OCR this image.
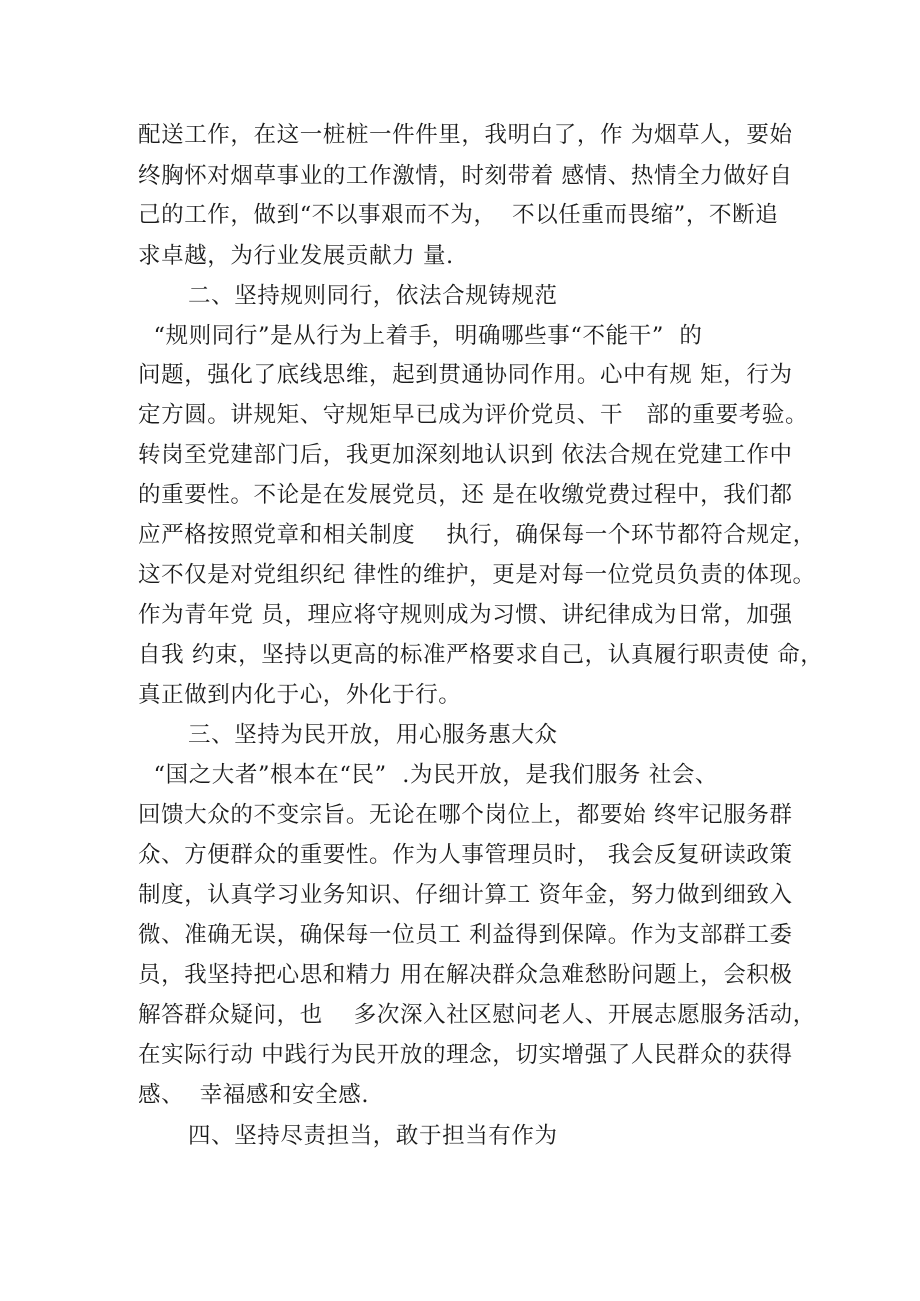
配送工作，在这一桩桩一件件里，我明白了，作 为烟草人，要始
终胸怀对烟草事业的工作激情，时刻带着 感情、热情全力做好自
己的工作，做到“不以事艰而不为，  不以任重而畏缩”，不断追
求卓越，为行业发展贡献力 量.
二、坚持规则同行，依法合规铸规范
“规则同行”是从行为上着手，明确哪些事“不能干”  的
问题，强化了底线思维，起到贯通协同作用。心中有规 矩，行为
定方圆。讲规矩、守规矩早已成为评价党员、干   部的重要考验。
转岗至党建部门后，我更加深刻地认识到 依法合规在党建工作中
的重要性。不论是在发展党员，还 是在收缴党费过程中，我们都
应严格按照党章和相关制度    执行，确保每一个环节都符合规定，
这不仅是对党组织纪 律性的维护，更是对每一位党员负责的体现。
作为青年党 员，理应将守规则成为习惯、讲纪律成为日常，加强
自我 约束，坚持以更高的标准严格要求自己，认真履行职责使 命，
真正做到内化于心，外化于行。
三、坚持为民开放，用心服务惠大众
“国之大者”根本在“民”  .为民开放，是我们服务 社会、
回馈大众的不变宗旨。无论在哪个岗位上，都要始 终牢记服务群
众、方便群众的重要性。作为人事管理员时， 我会反复研读政策
制度，认真学习业务知识、仔细计算工 资年金，努力做到细致入
微、准确无误，确保每一位员工 利益得到保障。作为支部群工委
员，我坚持把心思和精力 用在解决群众急难愁盼问题上，会积极
解答群众疑问，也    多次深入社区慰问老人、开展志愿服务活动，
在实际行动 中践行为民开放的理念，切实增强了人民群众的获得
感、  幸福感和安全感.
四、坚持尽责担当，敢于担当有作为
